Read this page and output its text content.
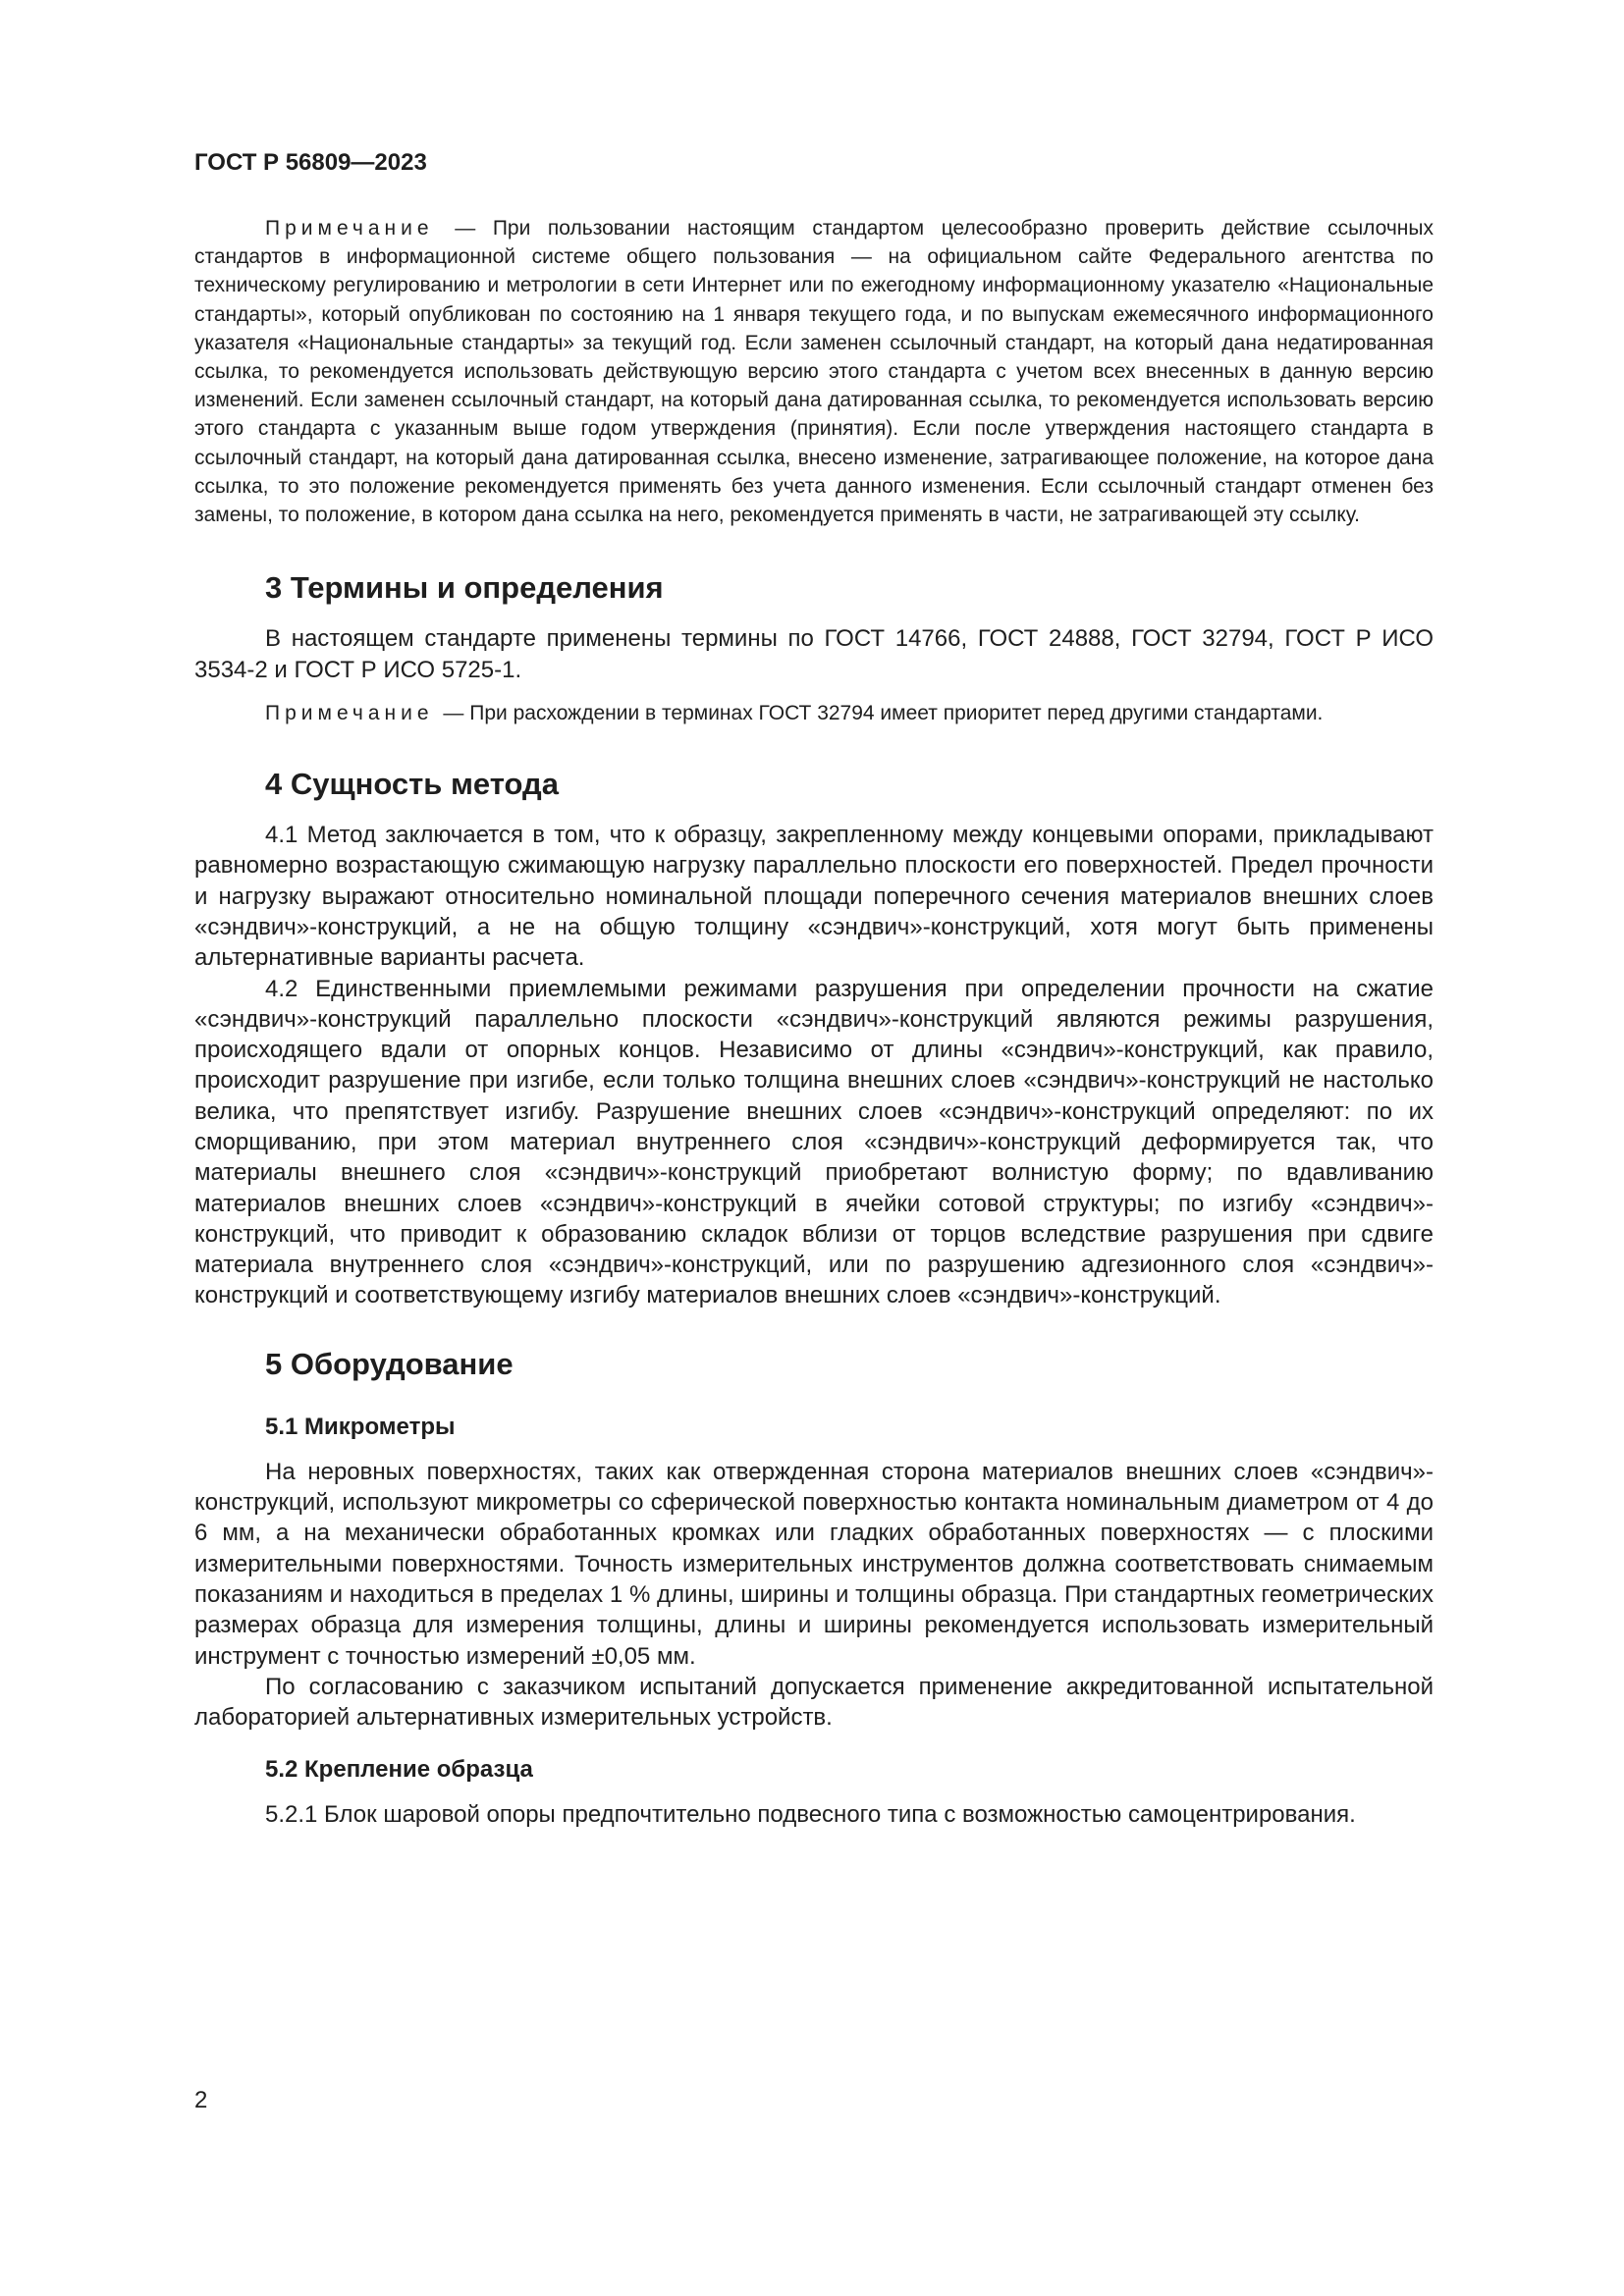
ГОСТ Р 56809—2023

Примечание — При пользовании настоящим стандартом целесообразно проверить действие ссылочных стандартов в информационной системе общего пользования — на официальном сайте Федерального агентства по техническому регулированию и метрологии в сети Интернет или по ежегодному информационному указателю «Национальные стандарты», который опубликован по состоянию на 1 января текущего года, и по выпускам ежемесячного информационного указателя «Национальные стандарты» за текущий год. Если заменен ссылочный стандарт, на который дана недатированная ссылка, то рекомендуется использовать действующую версию этого стандарта с учетом всех внесенных в данную версию изменений. Если заменен ссылочный стандарт, на который дана датированная ссылка, то рекомендуется использовать версию этого стандарта с указанным выше годом утверждения (принятия). Если после утверждения настоящего стандарта в ссылочный стандарт, на который дана датированная ссылка, внесено изменение, затрагивающее положение, на которое дана ссылка, то это положение рекомендуется применять без учета данного изменения. Если ссылочный стандарт отменен без замены, то положение, в котором дана ссылка на него, рекомендуется применять в части, не затрагивающей эту ссылку.

3 Термины и определения

В настоящем стандарте применены термины по ГОСТ 14766, ГОСТ 24888, ГОСТ 32794, ГОСТ Р ИСО 3534-2 и ГОСТ Р ИСО 5725-1.

Примечание — При расхождении в терминах ГОСТ 32794 имеет приоритет перед другими стандартами.

4 Сущность метода

4.1 Метод заключается в том, что к образцу, закрепленному между концевыми опорами, прикладывают равномерно возрастающую сжимающую нагрузку параллельно плоскости его поверхностей. Предел прочности и нагрузку выражают относительно номинальной площади поперечного сечения материалов внешних слоев «сэндвич»-конструкций, а не на общую толщину «сэндвич»-конструкций, хотя могут быть применены альтернативные варианты расчета.

4.2 Единственными приемлемыми режимами разрушения при определении прочности на сжатие «сэндвич»-конструкций параллельно плоскости «сэндвич»-конструкций являются режимы разрушения, происходящего вдали от опорных концов. Независимо от длины «сэндвич»-конструкций, как правило, происходит разрушение при изгибе, если только толщина внешних слоев «сэндвич»-конструкций не настолько велика, что препятствует изгибу. Разрушение внешних слоев «сэндвич»-конструкций определяют: по их сморщиванию, при этом материал внутреннего слоя «сэндвич»-конструкций деформируется так, что материалы внешнего слоя «сэндвич»-конструкций приобретают волнистую форму; по вдавливанию материалов внешних слоев «сэндвич»-конструкций в ячейки сотовой структуры; по изгибу «сэндвич»-конструкций, что приводит к образованию складок вблизи от торцов вследствие разрушения при сдвиге материала внутреннего слоя «сэндвич»-конструкций, или по разрушению адгезионного слоя «сэндвич»-конструкций и соответствующему изгибу материалов внешних слоев «сэндвич»-конструкций.

5 Оборудование
5.1 Микрометры

На неровных поверхностях, таких как отвержденная сторона материалов внешних слоев «сэндвич»-конструкций, используют микрометры со сферической поверхностью контакта номинальным диаметром от 4 до 6 мм, а на механически обработанных кромках или гладких обработанных поверхностях — с плоскими измерительными поверхностями. Точность измерительных инструментов должна соответствовать снимаемым показаниям и находиться в пределах 1 % длины, ширины и толщины образца. При стандартных геометрических размерах образца для измерения толщины, длины и ширины рекомендуется использовать измерительный инструмент с точностью измерений ±0,05 мм.

По согласованию с заказчиком испытаний допускается применение аккредитованной испытательной лабораторией альтернативных измерительных устройств.

5.2 Крепление образца

5.2.1 Блок шаровой опоры предпочтительно подвесного типа с возможностью самоцентрирования.

2
